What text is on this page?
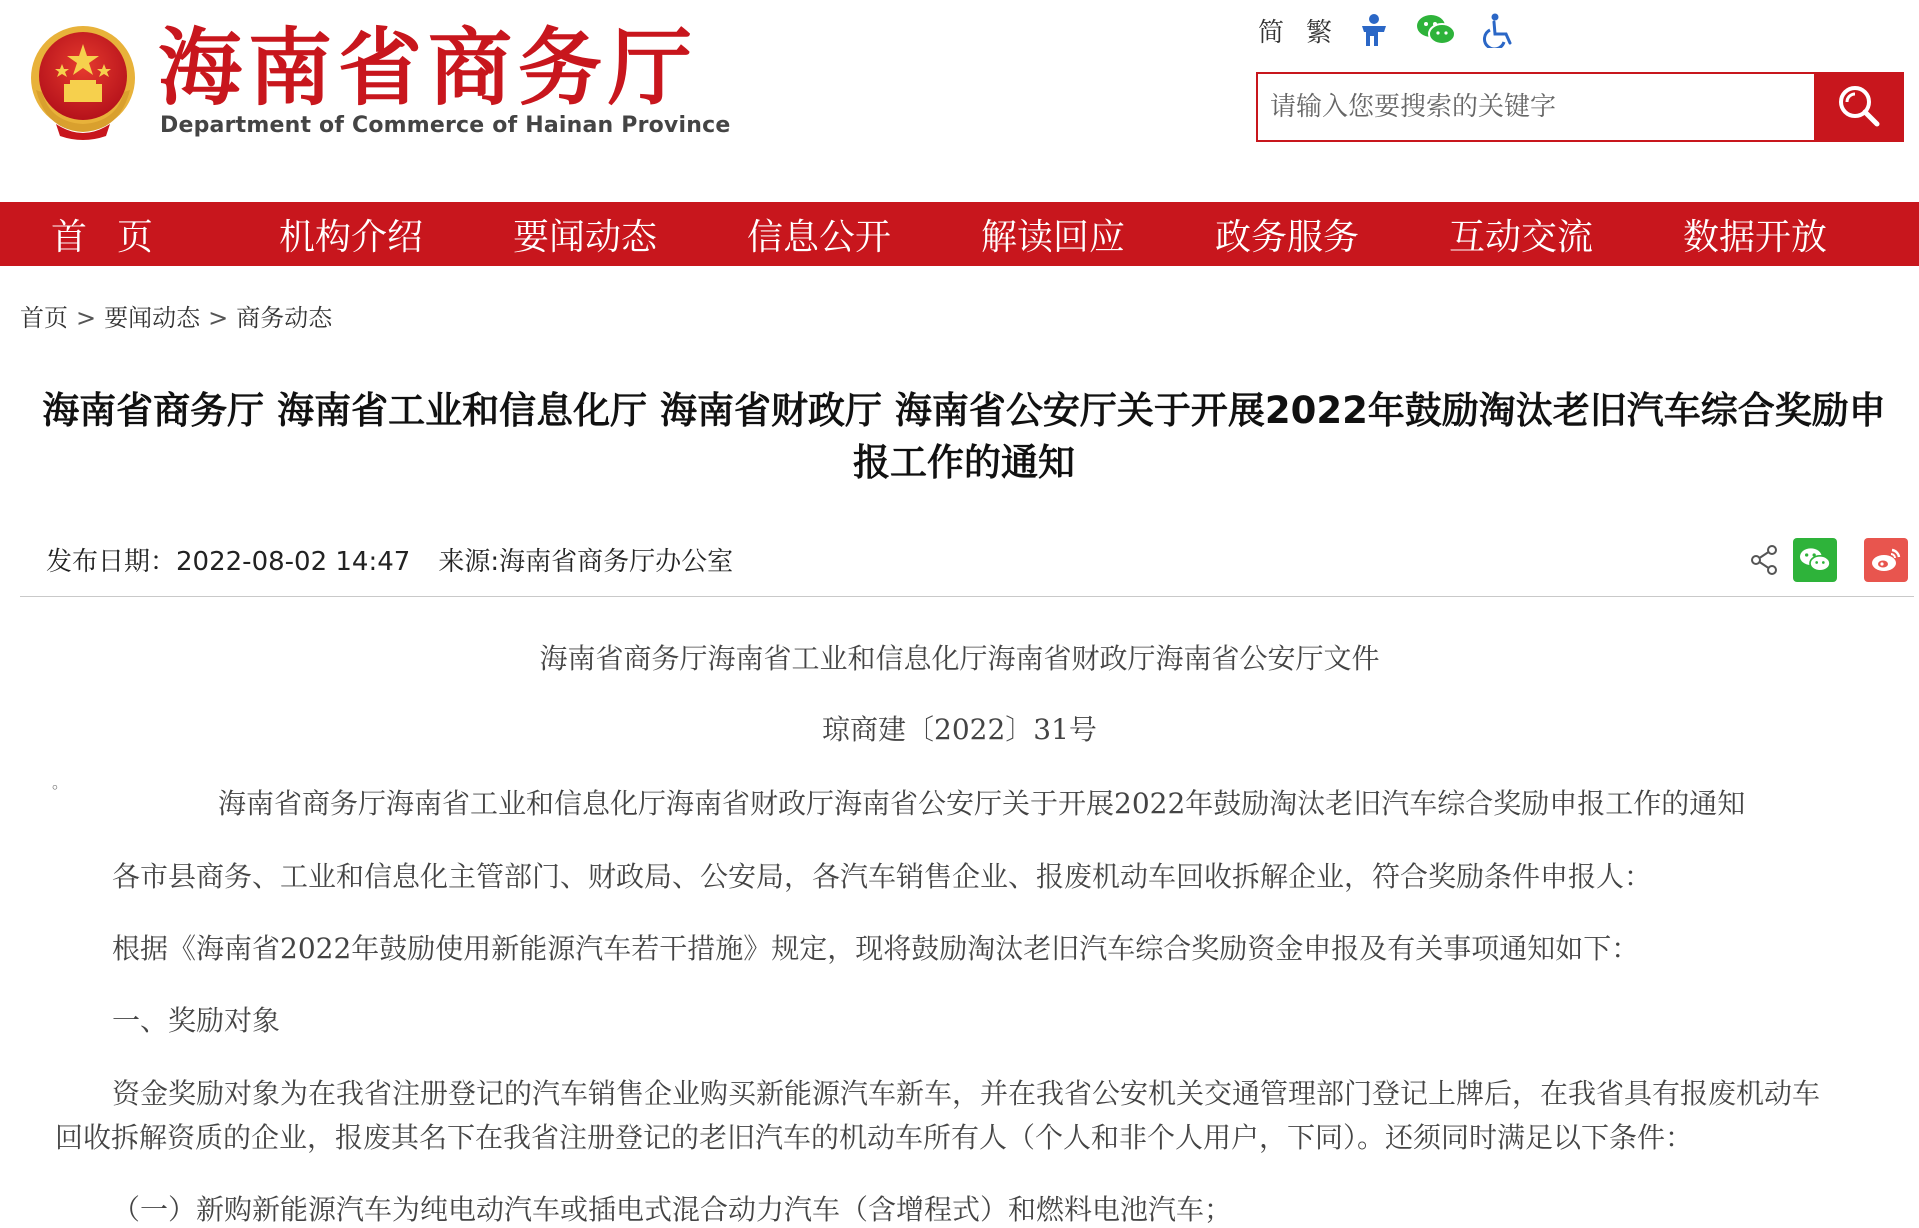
海南省商务厅
Department of Commerce of Hainan Province
简 繁
请输入您要搜索的关键字
首页	机构介绍	要闻动态	信息公开	解读回应	政务服务	互动交流	数据开放
首页 > 要闻动态 > 商务动态
海南省商务厅 海南省工业和信息化厅 海南省财政厅 海南省公安厅关于开展2022年鼓励淘汰老旧汽车综合奖励申报工作的通知
发布日期：2022-08-02 14:47 来源:海南省商务厅办公室

海南省商务厅海南省工业和信息化厅海南省财政厅海南省公安厅文件

琼商建〔2022〕31号

海南省商务厅海南省工业和信息化厅海南省财政厅海南省公安厅关于开展2022年鼓励淘汰老旧汽车综合奖励申报工作的通知

各市县商务、工业和信息化主管部门、财政局、公安局，各汽车销售企业、报废机动车回收拆解企业，符合奖励条件申报人：

根据《海南省2022年鼓励使用新能源汽车若干措施》规定，现将鼓励淘汰老旧汽车综合奖励资金申报及有关事项通知如下：

一、奖励对象

资金奖励对象为在我省注册登记的汽车销售企业购买新能源汽车新车，并在我省公安机关交通管理部门登记上牌后，在我省具有报废机动车

回收拆解资质的企业，报废其名下在我省注册登记的老旧汽车的机动车所有人（个人和非个人用户，下同）。还须同时满足以下条件：

（一）新购新能源汽车为纯电动汽车或插电式混合动力汽车（含增程式）和燃料电池汽车；

。
